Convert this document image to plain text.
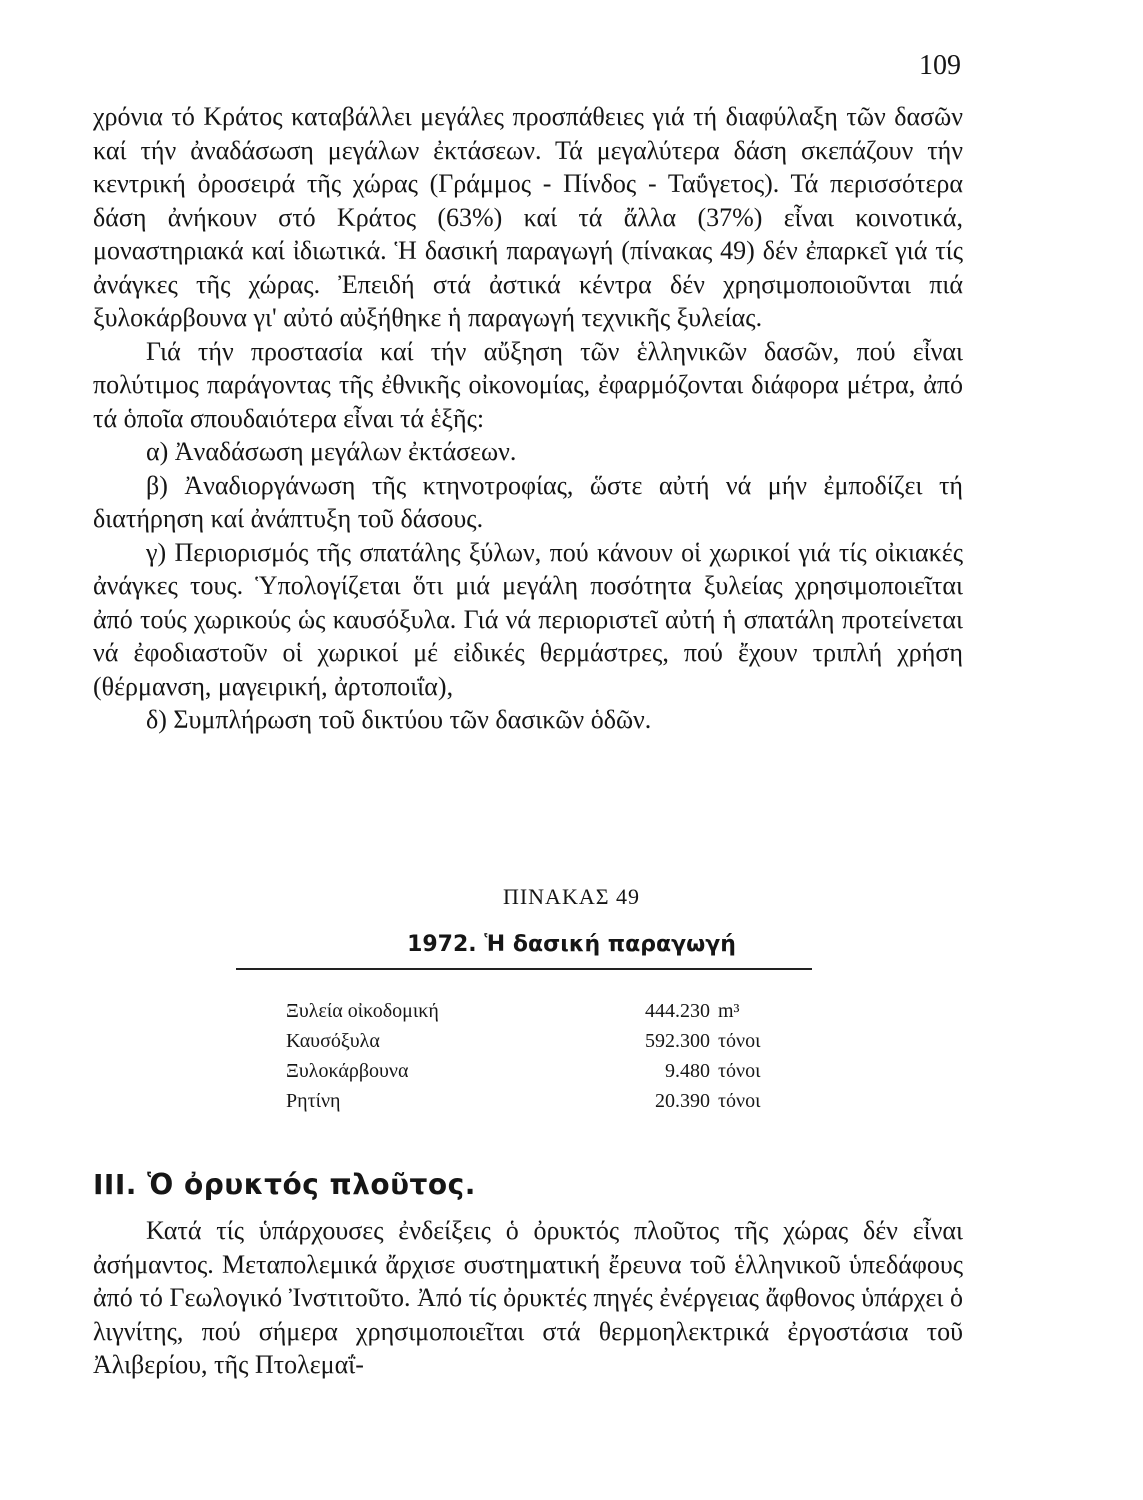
109

χρόνια τό Κράτος καταβάλλει μεγάλες προσπάθειες γιά τή διαφύλαξη τῶν δασῶν καί τήν ἀναδάσωση μεγάλων ἐκτάσεων. Τά μεγαλύτερα δάση σκεπάζουν τήν κεντρική ὀροσειρά τῆς χώρας (Γράμμος - Πίνδος - Ταΰγετος). Τά περισσότερα δάση ἀνήκουν στό Κράτος (63%) καί τά ἄλλα (37%) εἶναι κοινοτικά, μοναστηριακά καί ἰδιωτικά. Ἡ δασική παραγωγή (πίνακας 49) δέν ἐπαρκεῖ γιά τίς ἀνάγκες τῆς χώρας. Ἐπειδή στά ἀστικά κέντρα δέν χρησιμοποιοῦνται πιά ξυλοκάρβουνα γι' αὐτό αὐξήθηκε ἡ παραγωγή τεχνικῆς ξυλείας.

Γιά τήν προστασία καί τήν αὔξηση τῶν ἑλληνικῶν δασῶν, πού εἶναι πολύτιμος παράγοντας τῆς ἐθνικῆς οἰκονομίας, ἐφαρμόζονται διάφορα μέτρα, ἀπό τά ὁποῖα σπουδαιότερα εἶναι τά ἑξῆς:

α) Ἀναδάσωση μεγάλων ἐκτάσεων.

β) Ἀναδιοργάνωση τῆς κτηνοτροφίας, ὥστε αὐτή νά μήν ἐμποδίζει τή διατήρηση καί ἀνάπτυξη τοῦ δάσους.

γ) Περιορισμός τῆς σπατάλης ξύλων, πού κάνουν οἱ χωρικοί γιά τίς οἰκιακές ἀνάγκες τους. Ὑπολογίζεται ὅτι μιά μεγάλη ποσότητα ξυλείας χρησιμοποιεῖται ἀπό τούς χωρικούς ὡς καυσόξυλα. Γιά νά περιοριστεῖ αὐτή ἡ σπατάλη προτείνεται νά ἐφοδιαστοῦν οἱ χωρικοί μέ εἰδικές θερμάστρες, πού ἔχουν τριπλή χρήση (θέρμανση, μαγειρική, ἀρτοποιΐα),

δ) Συμπλήρωση τοῦ δικτύου τῶν δασικῶν ὁδῶν.

ΠΙΝΑΚΑΣ 49
1972. Ἡ δασική παραγωγή
Ξυλεία οἰκοδομική	444.230	m³
Καυσόξυλα	592.300	τόνοι
Ξυλοκάρβουνα	9.480	τόνοι
Ρητίνη	20.390	τόνοι
III. Ὁ ὀρυκτός πλοῦτος.

Κατά τίς ὑπάρχουσες ἐνδείξεις ὁ ὀρυκτός πλοῦτος τῆς χώρας δέν εἶναι ἀσήμαντος. Μεταπολεμικά ἄρχισε συστηματική ἔρευνα τοῦ ἑλληνικοῦ ὑπεδάφους ἀπό τό Γεωλογικό Ἰνστιτοῦτο. Ἀπό τίς ὀρυκτές πηγές ἐνέργειας ἄφθονος ὑπάρχει ὁ λιγνίτης, πού σήμερα χρησιμοποιεῖται στά θερμοηλεκτρικά ἐργοστάσια τοῦ Ἀλιβερίου, τῆς Πτολεμαΐ-
